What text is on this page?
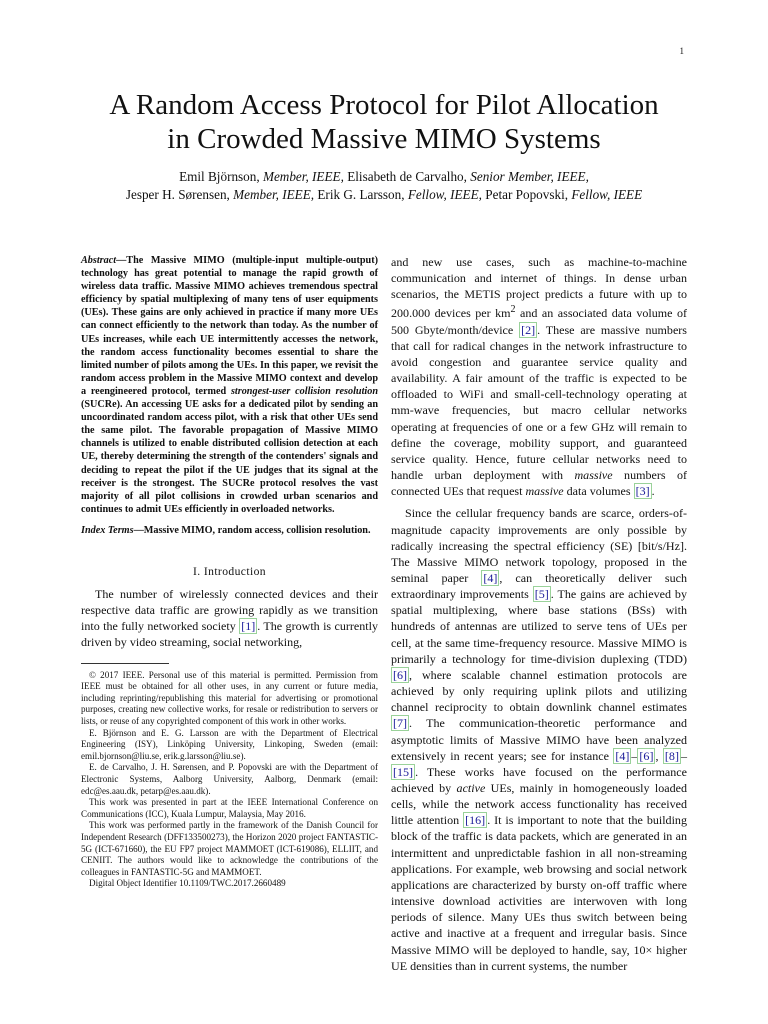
1
A Random Access Protocol for Pilot Allocation
in Crowded Massive MIMO Systems
Emil Björnson, Member, IEEE, Elisabeth de Carvalho, Senior Member, IEEE,
Jesper H. Sørensen, Member, IEEE, Erik G. Larsson, Fellow, IEEE, Petar Popovski, Fellow, IEEE

Abstract—The Massive MIMO (multiple-input multiple-output) technology has great potential to manage the rapid growth of wireless data traffic. Massive MIMO achieves tremendous spectral efficiency by spatial multiplexing of many tens of user equipments (UEs). These gains are only achieved in practice if many more UEs can connect efficiently to the network than today. As the number of UEs increases, while each UE intermittently accesses the network, the random access functionality becomes essential to share the limited number of pilots among the UEs. In this paper, we revisit the random access problem in the Massive MIMO context and develop a reengineered protocol, termed strongest-user collision resolution (SUCRe). An accessing UE asks for a dedicated pilot by sending an uncoordinated random access pilot, with a risk that other UEs send the same pilot. The favorable propagation of Massive MIMO channels is utilized to enable distributed collision detection at each UE, thereby determining the strength of the contenders' signals and deciding to repeat the pilot if the UE judges that its signal at the receiver is the strongest. The SUCRe protocol resolves the vast majority of all pilot collisions in crowded urban scenarios and continues to admit UEs efficiently in overloaded networks.

Index Terms—Massive MIMO, random access, collision resolution.

I. Introduction

The number of wirelessly connected devices and their respective data traffic are growing rapidly as we transition into the fully networked society [1] . The growth is currently driven by video streaming, social networking,

© 2017 IEEE. Personal use of this material is permitted. Permission from IEEE must be obtained for all other uses, in any current or future media, including reprinting/republishing this material for advertising or promotional purposes, creating new collective works, for resale or redistribution to servers or lists, or reuse of any copyrighted component of this work in other works.

E. Björnson and E. G. Larsson are with the Department of Electrical Engineering (ISY), Linköping University, Linkoping, Sweden (email: emil.bjornson@liu.se, erik.g.larsson@liu.se).

E. de Carvalho, J. H. Sørensen, and P. Popovski are with the Department of Electronic Systems, Aalborg University, Aalborg, Denmark (email: edc@es.aau.dk, petarp@es.aau.dk).

This work was presented in part at the IEEE International Conference on Communications (ICC), Kuala Lumpur, Malaysia, May 2016.

This work was performed partly in the framework of the Danish Council for Independent Research (DFF133500273), the Horizon 2020 project FANTASTIC-5G (ICT-671660), the EU FP7 project MAMMOET (ICT-619086), ELLIIT, and CENIIT. The authors would like to acknowledge the contributions of the colleagues in FANTASTIC-5G and MAMMOET.

Digital Object Identifier 10.1109/TWC.2017.2660489

and new use cases, such as machine-to-machine communication and internet of things. In dense urban scenarios, the METIS project predicts a future with up to 200.000 devices per $km^2$ and an associated data volume of 500 Gbyte/month/device [2] . These are massive numbers that call for radical changes in the network infrastructure to avoid congestion and guarantee service quality and availability. A fair amount of the traffic is expected to be offloaded to WiFi and small-cell-technology operating at mm-wave frequencies, but macro cellular networks operating at frequencies of one or a few GHz will remain to define the coverage, mobility support, and guaranteed service quality. Hence, future cellular networks need to handle urban deployment with massive numbers of connected UEs that request massive data volumes [3] .

Since the cellular frequency bands are scarce, orders-of-magnitude capacity improvements are only possible by radically increasing the spectral efficiency (SE) [bit/s/Hz]. The Massive MIMO network topology, proposed in the seminal paper [4] , can theoretically deliver such extraordinary improvements [5] . The gains are achieved by spatial multiplexing, where base stations (BSs) with hundreds of antennas are utilized to serve tens of UEs per cell, at the same time-frequency resource. Massive MIMO is primarily a technology for time-division duplexing (TDD) [6] , where scalable channel estimation protocols are achieved by only requiring uplink pilots and utilizing channel reciprocity to obtain downlink channel estimates [7] . The communication-theoretic performance and asymptotic limits of Massive MIMO have been analyzed extensively in recent years; see for instance [4] – [6] , [8] –[15] . These works have focused on the performance achieved by active UEs, mainly in homogeneously loaded cells, while the network access functionality has received little attention [16] . It is important to note that the building block of the traffic is data packets, which are generated in an intermittent and unpredictable fashion in all non-streaming applications. For example, web browsing and social network applications are characterized by bursty on-off traffic where intensive download activities are interwoven with long periods of silence. Many UEs thus switch between being active and inactive at a frequent and irregular basis. Since Massive MIMO will be deployed to handle, say, 10× higher UE densities than in current systems, the number
